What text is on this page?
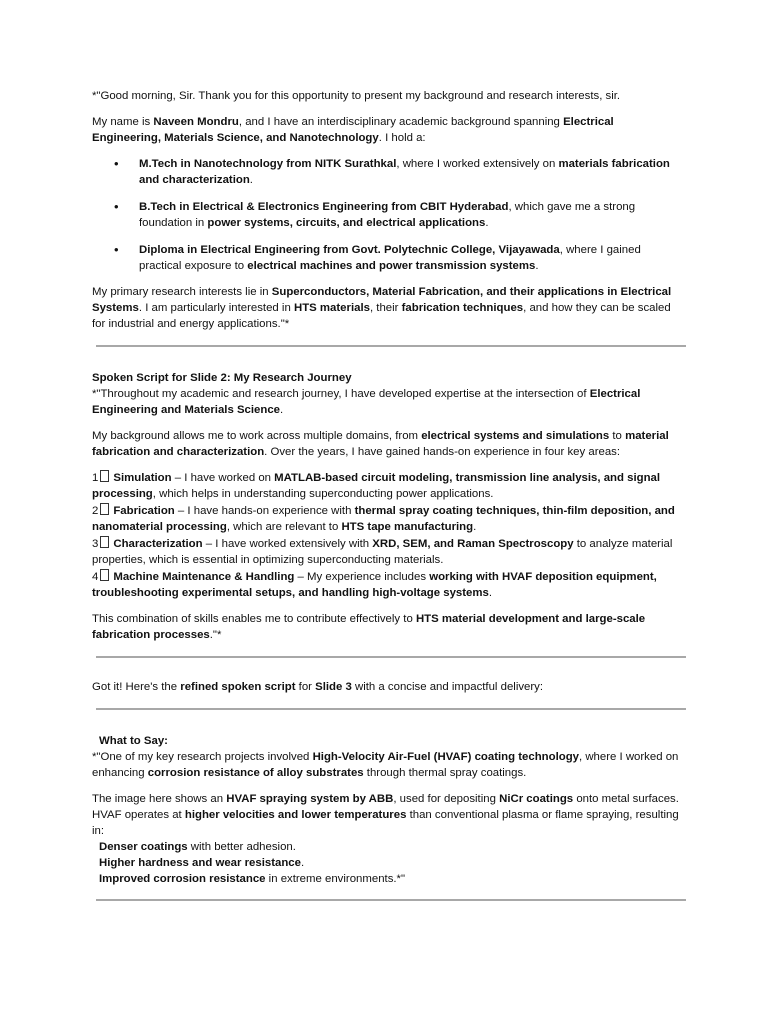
*"Good morning, Sir. Thank you for this opportunity to present my background and research interests, sir.

My name is Naveen Mondru, and I have an interdisciplinary academic background spanning Electrical Engineering, Materials Science, and Nanotechnology. I hold a:

• M.Tech in Nanotechnology from NITK Surathkal, where I worked extensively on materials fabrication and characterization.
• B.Tech in Electrical & Electronics Engineering from CBIT Hyderabad, which gave me a strong foundation in power systems, circuits, and electrical applications.
• Diploma in Electrical Engineering from Govt. Polytechnic College, Vijayawada, where I gained practical exposure to electrical machines and power transmission systems.

My primary research interests lie in Superconductors, Material Fabrication, and their applications in Electrical Systems. I am particularly interested in HTS materials, their fabrication techniques, and how they can be scaled for industrial and energy applications."*

Spoken Script for Slide 2: My Research Journey

*"Throughout my academic and research journey, I have developed expertise at the intersection of Electrical Engineering and Materials Science.

My background allows me to work across multiple domains, from electrical systems and simulations to material fabrication and characterization. Over the years, I have gained hands-on experience in four key areas:

1 Simulation – I have worked on MATLAB-based circuit modeling, transmission line analysis, and signal processing, which helps in understanding superconducting power applications.

2 Fabrication – I have hands-on experience with thermal spray coating techniques, thin-film deposition, and nanomaterial processing, which are relevant to HTS tape manufacturing.

3 Characterization – I have worked extensively with XRD, SEM, and Raman Spectroscopy to analyze material properties, which is essential in optimizing superconducting materials.

4 Machine Maintenance & Handling – My experience includes working with HVAF deposition equipment, troubleshooting experimental setups, and handling high-voltage systems.

This combination of skills enables me to contribute effectively to HTS material development and large-scale fabrication processes."*

Got it! Here's the refined spoken script for Slide 3 with a concise and impactful delivery:

What to Say:

*"One of my key research projects involved High-Velocity Air-Fuel (HVAF) coating technology, where I worked on enhancing corrosion resistance of alloy substrates through thermal spray coatings.

The image here shows an HVAF spraying system by ABB, used for depositing NiCr coatings onto metal surfaces. HVAF operates at higher velocities and lower temperatures than conventional plasma or flame spraying, resulting in:

Denser coatings with better adhesion.

Higher hardness and wear resistance.

Improved corrosion resistance in extreme environments.*"
